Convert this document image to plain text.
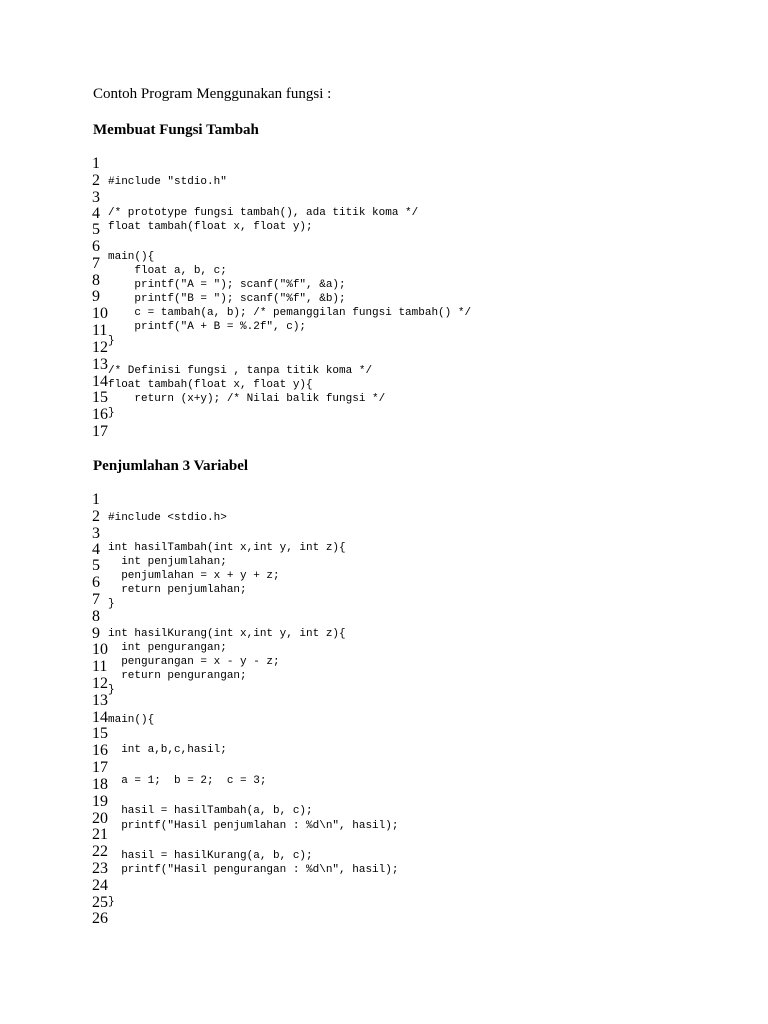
Contoh Program Menggunakan fungsi :
Membuat Fungsi Tambah
1
2
3
4
5
6
7
8
9
10
11
12
13
14
15
16
17
#include "stdio.h"
/* prototype fungsi tambah(), ada titik koma */
float tambah(float x, float y);
main(){
float a, b, c;
printf("A = "); scanf("%f", &a);
printf("B = "); scanf("%f", &b);
c = tambah(a, b); /* pemanggilan fungsi tambah() */
printf("A + B = %.2f", c);
}
/* Definisi fungsi , tanpa titik koma */
float tambah(float x, float y){
return (x+y); /* Nilai balik fungsi */
}
Penjumlahan 3 Variabel
1
2
3
4
5
6
7
8
9
10
11
12
13
14
15
16
17
18
19
20
21
22
23
24
25
26
#include <stdio.h>
int hasilTambah(int x,int y, int z){
int penjumlahan;
penjumlahan = x + y + z;
return penjumlahan;
}
int hasilKurang(int x,int y, int z){
int pengurangan;
pengurangan = x - y - z;
return pengurangan;
}
main(){
int a,b,c,hasil;
a = 1;  b = 2;  c = 3;
hasil = hasilTambah(a, b, c);
printf("Hasil penjumlahan : %d\n", hasil);
hasil = hasilKurang(a, b, c);
printf("Hasil pengurangan : %d\n", hasil);
}
